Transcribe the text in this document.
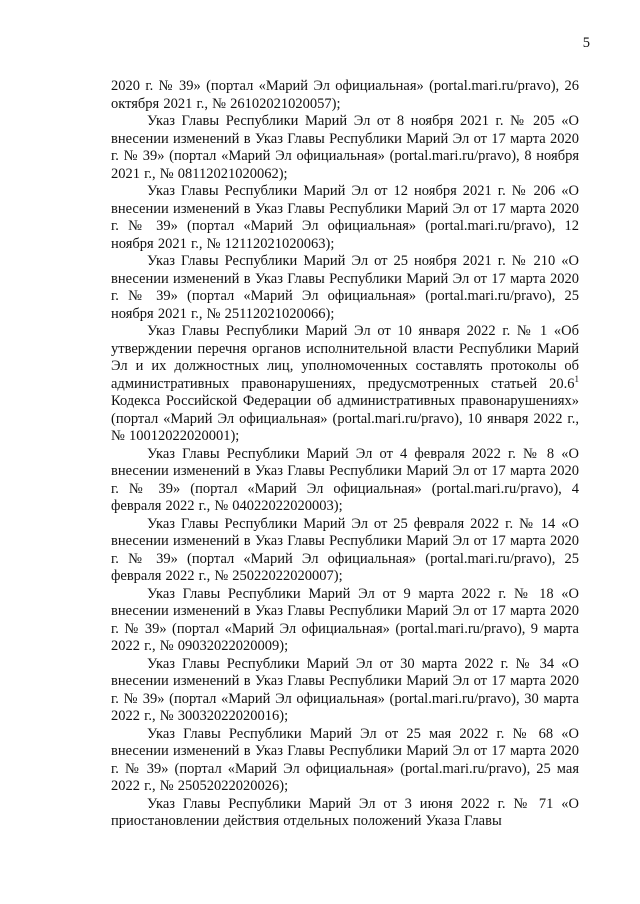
5

2020 г. № 39» (портал «Марий Эл официальная» (portal.mari.ru/pravo), 26 октября 2021 г., № 26102021020057);

Указ Главы Республики Марий Эл от 8 ноября 2021 г. № 205 «О внесении изменений в Указ Главы Республики Марий Эл от 17 марта 2020 г. № 39» (портал «Марий Эл официальная» (portal.mari.ru/pravo), 8 ноября 2021 г., № 08112021020062);

Указ Главы Республики Марий Эл от 12 ноября 2021 г. № 206 «О внесении изменений в Указ Главы Республики Марий Эл от 17 марта 2020 г. № 39» (портал «Марий Эл официальная» (portal.mari.ru/pravo), 12 ноября 2021 г., № 12112021020063);

Указ Главы Республики Марий Эл от 25 ноября 2021 г. № 210 «О внесении изменений в Указ Главы Республики Марий Эл от 17 марта 2020 г. № 39» (портал «Марий Эл официальная» (portal.mari.ru/pravo), 25 ноября 2021 г., № 25112021020066);

Указ Главы Республики Марий Эл от 10 января 2022 г. № 1 «Об утверждении перечня органов исполнительной власти Республики Марий Эл и их должностных лиц, уполномоченных составлять протоколы об административных правонарушениях, предусмотренных статьей 20.6$^1$ Кодекса Российской Федерации об административных правонарушениях» (портал «Марий Эл официальная» (portal.mari.ru/pravo), 10 января 2022 г., № 10012022020001);

Указ Главы Республики Марий Эл от 4 февраля 2022 г. № 8 «О внесении изменений в Указ Главы Республики Марий Эл от 17 марта 2020 г. № 39» (портал «Марий Эл официальная» (portal.mari.ru/pravo), 4 февраля 2022 г., № 04022022020003);

Указ Главы Республики Марий Эл от 25 февраля 2022 г. № 14 «О внесении изменений в Указ Главы Республики Марий Эл от 17 марта 2020 г. № 39» (портал «Марий Эл официальная» (portal.mari.ru/pravo), 25 февраля 2022 г., № 25022022020007);

Указ Главы Республики Марий Эл от 9 марта 2022 г. № 18 «О внесении изменений в Указ Главы Республики Марий Эл от 17 марта 2020 г. № 39» (портал «Марий Эл официальная» (portal.mari.ru/pravo), 9 марта 2022 г., № 09032022020009);

Указ Главы Республики Марий Эл от 30 марта 2022 г. № 34 «О внесении изменений в Указ Главы Республики Марий Эл от 17 марта 2020 г. № 39» (портал «Марий Эл официальная» (portal.mari.ru/pravo), 30 марта 2022 г., № 30032022020016);

Указ Главы Республики Марий Эл от 25 мая 2022 г. № 68 «О внесении изменений в Указ Главы Республики Марий Эл от 17 марта 2020 г. № 39» (портал «Марий Эл официальная» (portal.mari.ru/pravo), 25 мая 2022 г., № 25052022020026);

Указ Главы Республики Марий Эл от 3 июня 2022 г. № 71 «О приостановлении действия отдельных положений Указа Главы
